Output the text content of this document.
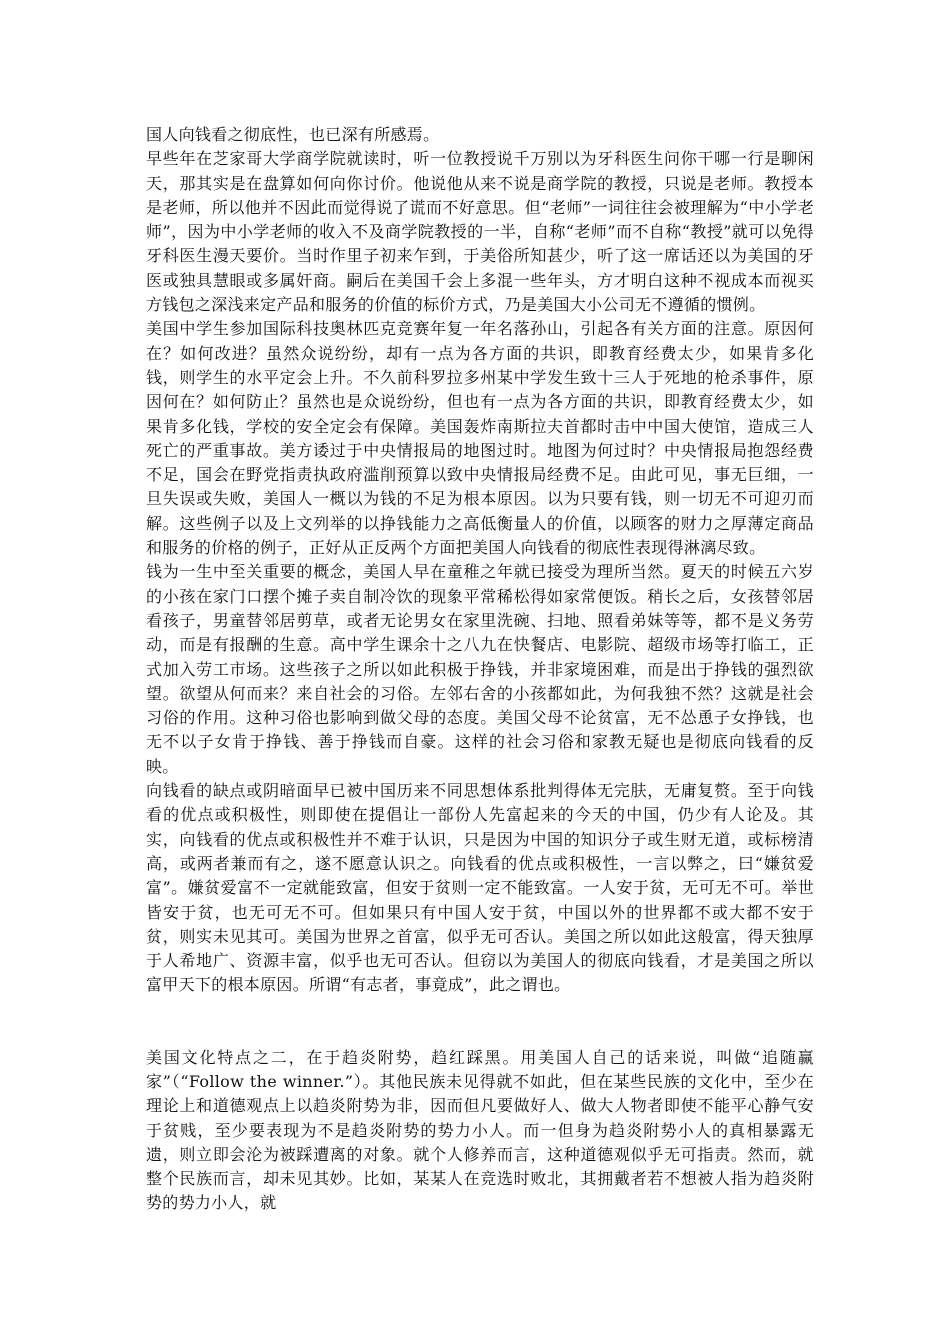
国人向钱看之彻底性，也已深有所感焉。

早些年在芝家哥大学商学院就读时，听一位教授说千万别以为牙科医生问你干哪一行是聊闲天，那其实是在盘算如何向你讨价。他说他从来不说是商学院的教授，只说是老师。教授本是老师，所以他并不因此而觉得说了谎而不好意思。但“老师”一词往往会被理解为“中小学老师”，因为中小学老师的收入不及商学院教授的一半，自称“老师”而不自称“教授”就可以免得牙科医生漫天要价。当时作里子初来乍到，于美俗所知甚少，听了这一席话还以为美国的牙医或独具慧眼或多属奸商。嗣后在美国千会上多混一些年头，方才明白这种不视成本而视买方钱包之深浅来定产品和服务的价值的标价方式，乃是美国大小公司无不遵循的惯例。

美国中学生参加国际科技奥林匹克竞赛年复一年名落孙山，引起各有关方面的注意。原因何在？如何改进？虽然众说纷纷，却有一点为各方面的共识，即教育经费太少，如果肯多化钱，则学生的水平定会上升。不久前科罗拉多州某中学发生致十三人于死地的枪杀事件，原因何在？如何防止？虽然也是众说纷纷，但也有一点为各方面的共识，即教育经费太少，如果肯多化钱，学校的安全定会有保障。美国轰炸南斯拉夫首都时击中中国大使馆，造成三人死亡的严重事故。美方诿过于中央情报局的地图过时。地图为何过时？中央情报局抱怨经费不足，国会在野党指责执政府滥削预算以致中央情报局经费不足。由此可见，事无巨细，一旦失误或失败，美国人一概以为钱的不足为根本原因。以为只要有钱，则一切无不可迎刃而解。这些例子以及上文列举的以挣钱能力之高低衡量人的价值，以顾客的财力之厚薄定商品和服务的价格的例子，正好从正反两个方面把美国人向钱看的彻底性表现得淋漓尽致。

钱为一生中至关重要的概念，美国人早在童稚之年就已接受为理所当然。夏天的时候五六岁的小孩在家门口摆个摊子卖自制冷饮的现象平常稀松得如家常便饭。稍长之后，女孩替邻居看孩子，男童替邻居剪草，或者无论男女在家里洗碗、扫地、照看弟妹等等，都不是义务劳动，而是有报酬的生意。高中学生课余十之八九在快餐店、电影院、超级市场等打临工，正式加入劳工市场。这些孩子之所以如此积极于挣钱，并非家境困难，而是出于挣钱的强烈欲望。欲望从何而来？来自社会的习俗。左邻右舍的小孩都如此，为何我独不然？这就是社会习俗的作用。这种习俗也影响到做父母的态度。美国父母不论贫富，无不怂恿子女挣钱，也无不以子女肯于挣钱、善于挣钱而自豪。这样的社会习俗和家教无疑也是彻底向钱看的反映。

向钱看的缺点或阴暗面早已被中国历来不同思想体系批判得体无完肤，无庸复赘。至于向钱看的优点或积极性，则即使在提倡让一部份人先富起来的今天的中国，仍少有人论及。其实，向钱看的优点或积极性并不难于认识，只是因为中国的知识分子或生财无道，或标榜清高，或两者兼而有之，遂不愿意认识之。向钱看的优点或积极性，一言以弊之，曰“嫌贫爱富”。嫌贫爱富不一定就能致富，但安于贫则一定不能致富。一人安于贫，无可无不可。举世皆安于贫，也无可无不可。但如果只有中国人安于贫，中国以外的世界都不或大都不安于贫，则实未见其可。美国为世界之首富，似乎无可否认。美国之所以如此这般富，得天独厚于人希地广、资源丰富，似乎也无可否认。但窃以为美国人的彻底向钱看，才是美国之所以富甲天下的根本原因。所谓“有志者，事竟成”，此之谓也。

美国文化特点之二，在于趋炎附势，趋红踩黑。用美国人自己的话来说，叫做“追随赢家”（“Follow the winner.”）。其他民族未见得就不如此，但在某些民族的文化中，至少在理论上和道德观点上以趋炎附势为非，因而但凡要做好人、做大人物者即使不能平心静气安于贫贱，至少要表现为不是趋炎附势的势力小人。而一但身为趋炎附势小人的真相暴露无遗，则立即会沦为被踩遭离的对象。就个人修养而言，这种道德观似乎无可指责。然而，就整个民族而言，却未见其妙。比如，某某人在竞选时败北，其拥戴者若不想被人指为趋炎附势的势力小人，就
